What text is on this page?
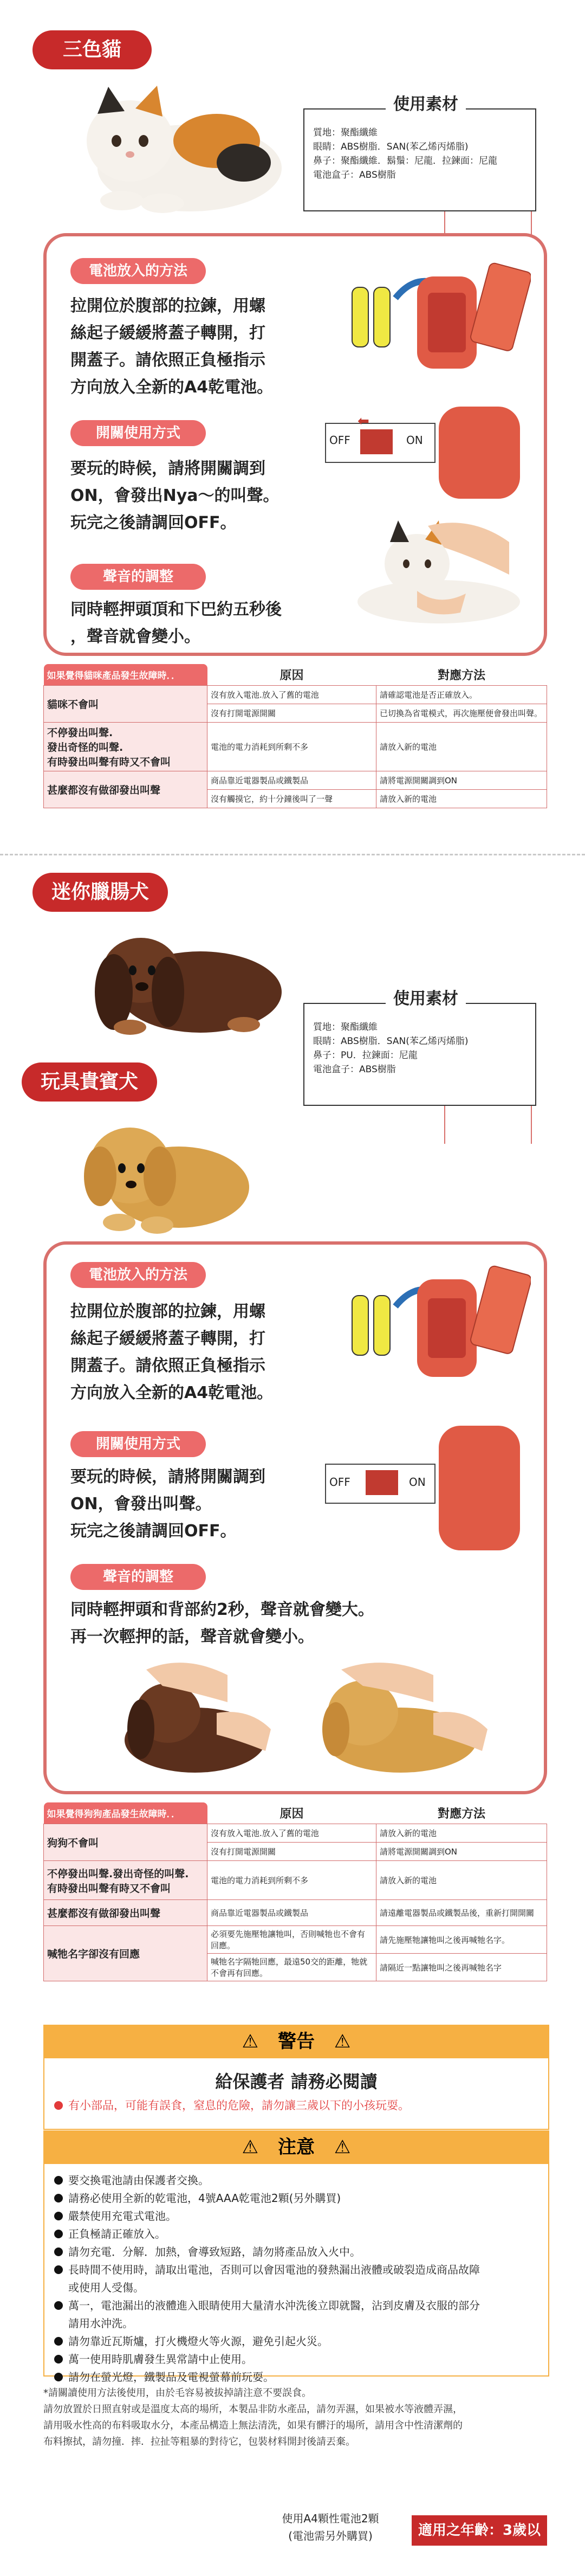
三色貓
使用素材
質地：聚酯纖維
眼睛：ABS樹脂．SAN(苯乙烯丙烯脂)
鼻子：聚酯纖維．鬍鬚：尼龍．拉鍊面：尼龍
電池盒子：ABS樹脂
電池放入的方法
拉開位於腹部的拉鍊，用螺
絲起子緩緩將蓋子轉開，打
開蓋子。請依照正負極指示
方向放入全新的A4乾電池。
開關使用方式
要玩的時候，請將開關調到
ON，會發出Nya～的叫聲。
玩完之後請調回OFF。
OFF	ON
⬅
聲音的調整
同時輕押頭頂和下巴約五秒後
，聲音就會變小。
如果覺得貓咪產品發生故障時．．	原因	對應方法
貓咪不會叫	沒有放入電池.放入了舊的電池	請確認電池是否正確放入。
	沒有打開電源開關	已切換為省電模式，再次施壓便會發出叫聲。
不停發出叫聲.
發出奇怪的叫聲.
有時發出叫聲有時又不會叫	電池的電力消耗到所剩不多	請放入新的電池
甚麼都沒有做卻發出叫聲	商品靠近電器製品或鐵製品	請將電源開關調到ON
	沒有觸摸它，約十分鐘後叫了一聲	請放入新的電池
迷你臘腸犬
使用素材
質地：聚酯纖維
眼睛：ABS樹脂．SAN(苯乙烯丙烯脂)
鼻子：PU．拉鍊面：尼龍
電池盒子：ABS樹脂
玩具貴賓犬
電池放入的方法
拉開位於腹部的拉鍊，用螺
絲起子緩緩將蓋子轉開，打
開蓋子。請依照正負極指示
方向放入全新的A4乾電池。
開關使用方式
要玩的時候，請將開關調到
ON，會發出叫聲。
玩完之後請調回OFF。
OFF	ON
聲音的調整
同時輕押頭和背部約2秒，聲音就會變大。
再一次輕押的話，聲音就會變小。
如果覺得狗狗產品發生故障時．．	原因	對應方法
狗狗不會叫	沒有放入電池.放入了舊的電池	請放入新的電池
	沒有打開電源開關	請將電源開關調到ON
不停發出叫聲.發出奇怪的叫聲.
有時發出叫聲有時又不會叫	電池的電力消耗到所剩不多	請放入新的電池
甚麼都沒有做卻發出叫聲	商品靠近電器製品或鐵製品	請遠離電器製品或鐵製品後，重新打開開關
喊牠名字卻沒有回應	必須要先施壓牠讓牠叫，否則喊牠也不會有回應。	請先施壓牠讓牠叫之後再喊牠名字。
	喊牠名字隔牠回應，最遠50交的距離，牠就不會再有回應。	請隔近一點讓牠叫之後再喊牠名字
⚠ 警告 ⚠
給保護者 請務必閱讀
有小部品，可能有誤食，窒息的危險，請勿讓三歲以下的小孩玩耍。
⚠ 注意 ⚠
要交換電池請由保護者交換。
請務必使用全新的乾電池，4號AAA乾電池2顆(另外購買)
嚴禁使用充電式電池。
正負極請正確放入。
請勿充電．分解．加熱，會導致短路，請勿將產品放入火中。
長時間不使用時，請取出電池，否則可以會因電池的發熱漏出液體或破裂造成商品故障
或使用人受傷。
萬一，電池漏出的液體進入眼睛使用大量清水沖洗後立即就醫，沾到皮膚及衣服的部分
請用水沖洗。
請勿靠近瓦斯爐，打火機燈火等火源，避免引起火災。
萬一使用時肌膚發生異常請中止使用。
請勿在螢光燈，鐵製品及電視螢幕前玩耍。
*請關讀使用方法後使用，由於毛容易被拔掉請注意不要誤食。
請勿放置於日照直射或是溫度太高的場所，本製品非防水產品，請勿弄濕，如果被水等液體弄濕，
請用吸水性高的布料吸取水分，本產品構造上無法清洗，如果有髒汙的場所，請用含中性清潔劑的
布料擦拭，請勿撞．摔．拉扯等粗暴的對待它，包裝材料開封後請丟棄。
使用A4顆性電池2顆
(電池需另外購買)	適用之年齡：3歲以上
